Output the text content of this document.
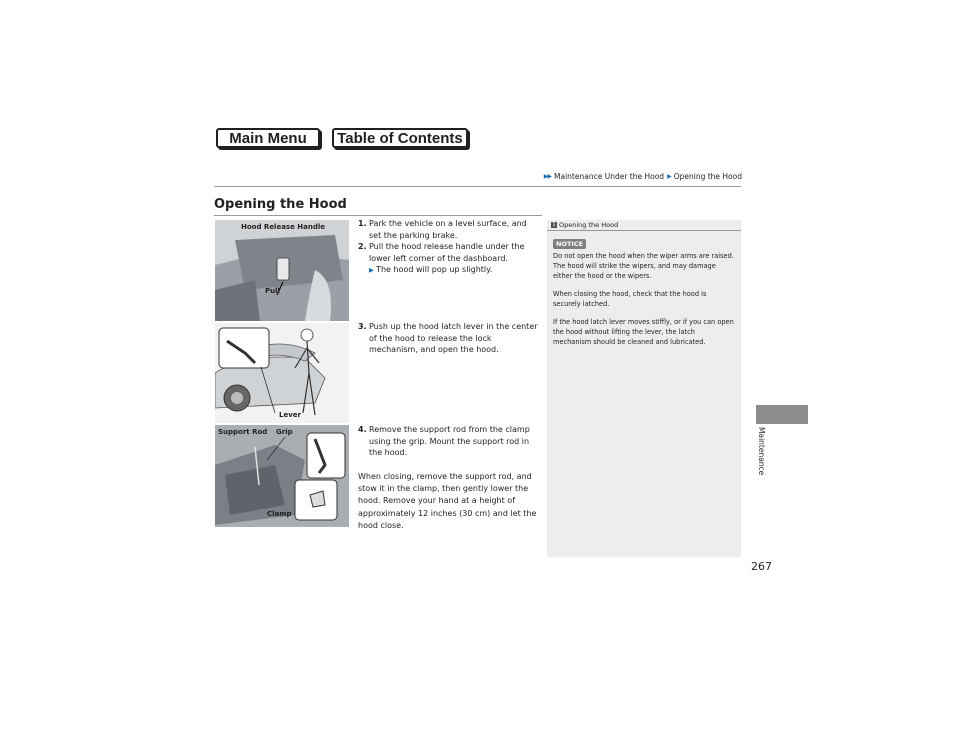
Main Menu	Table of Contents
▶▶ Maintenance Under the Hood ▶ Opening the Hood
Opening the Hood
Hood Release Handle
Pull
Lever
Support Rod Grip
Clamp
1. Park the vehicle on a level surface, and set the parking brake.
2. Pull the hood release handle under the lower left corner of the dashboard.
▶ The hood will pop up slightly.
3. Push up the hood latch lever in the center of the hood to release the lock mechanism, and open the hood.
4. Remove the support rod from the clamp using the grip. Mount the support rod in the hood.
When closing, remove the support rod, and stow it in the clamp, then gently lower the hood. Remove your hand at a height of approximately 12 inches (30 cm) and let the hood close.
1 Opening the Hood
NOTICE

Do not open the hood when the wiper arms are raised.

The hood will strike the wipers, and may damage either the hood or the wipers.

When closing the hood, check that the hood is securely latched.

If the hood latch lever moves stiffly, or if you can open the hood without lifting the lever, the latch mechanism should be cleaned and lubricated.

Maintenance
267
